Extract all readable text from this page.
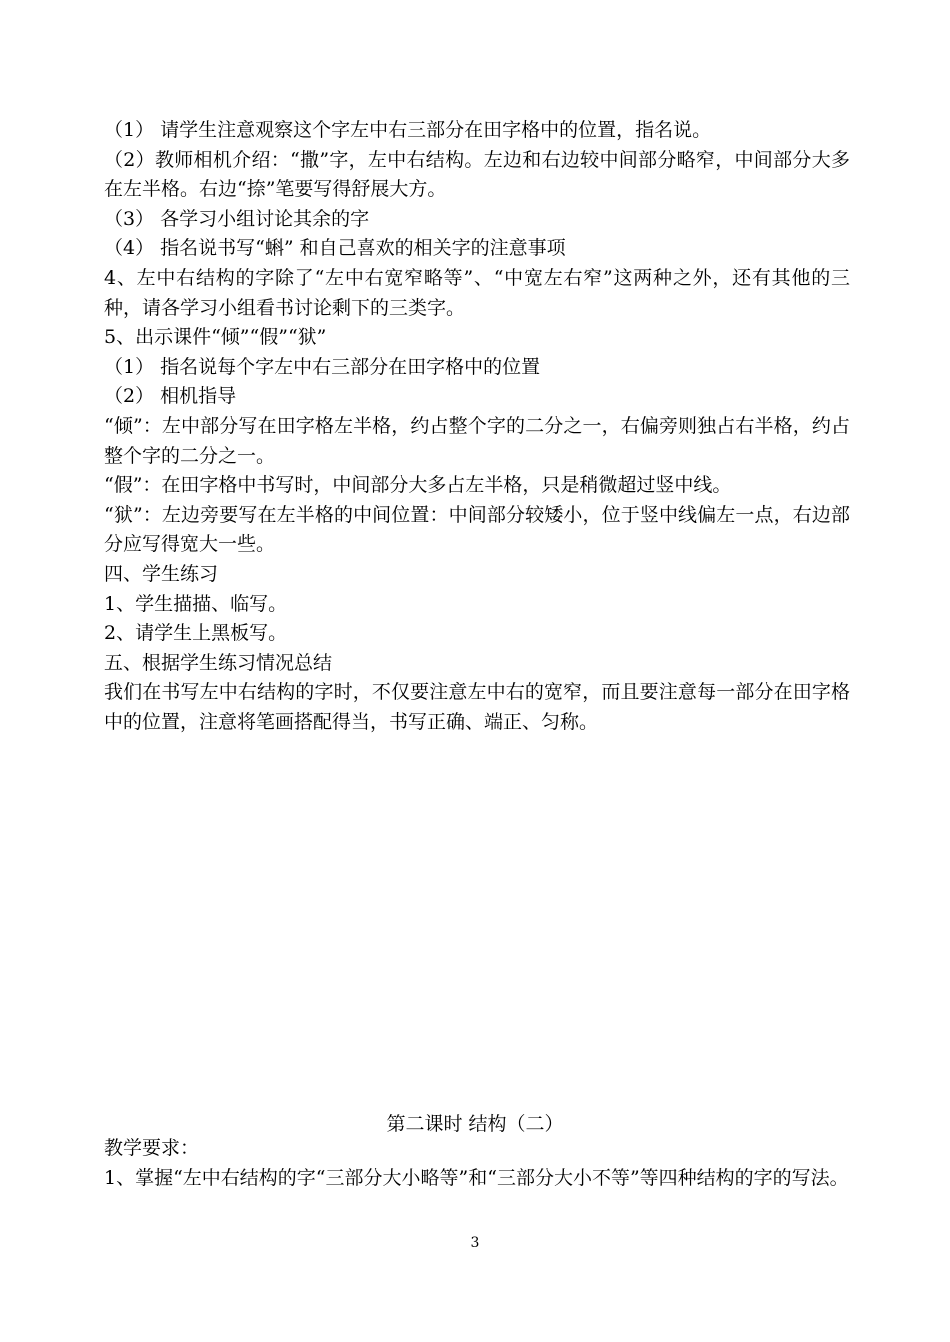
（1） 请学生注意观察这个字左中右三部分在田字格中的位置，指名说。

（2）教师相机介绍：“撒”字，左中右结构。左边和右边较中间部分略窄，中间部分大多在左半格。右边“捺”笔要写得舒展大方。

（3） 各学习小组讨论其余的字

（4） 指名说书写“蝌” 和自己喜欢的相关字的注意事项

4、左中右结构的字除了“左中右宽窄略等”、“中宽左右窄”这两种之外，还有其他的三种，请各学习小组看书讨论剩下的三类字。

5、出示课件“倾”“假”“狱”

（1） 指名说每个字左中右三部分在田字格中的位置

（2） 相机指导

“倾”：左中部分写在田字格左半格，约占整个字的二分之一，右偏旁则独占右半格，约占整个字的二分之一。

“假”：在田字格中书写时，中间部分大多占左半格，只是稍微超过竖中线。

“狱”：左边旁要写在左半格的中间位置：中间部分较矮小，位于竖中线偏左一点，右边部分应写得宽大一些。

四、学生练习

1、学生描描、临写。

2、请学生上黑板写。

五、根据学生练习情况总结

我们在书写左中右结构的字时，不仅要注意左中右的宽窄，而且要注意每一部分在田字格中的位置，注意将笔画搭配得当，书写正确、端正、匀称。

第二课时 结构（二）

教学要求：

1、掌握“左中右结构的字“三部分大小略等”和“三部分大小不等”等四种结构的字的写法。

3
